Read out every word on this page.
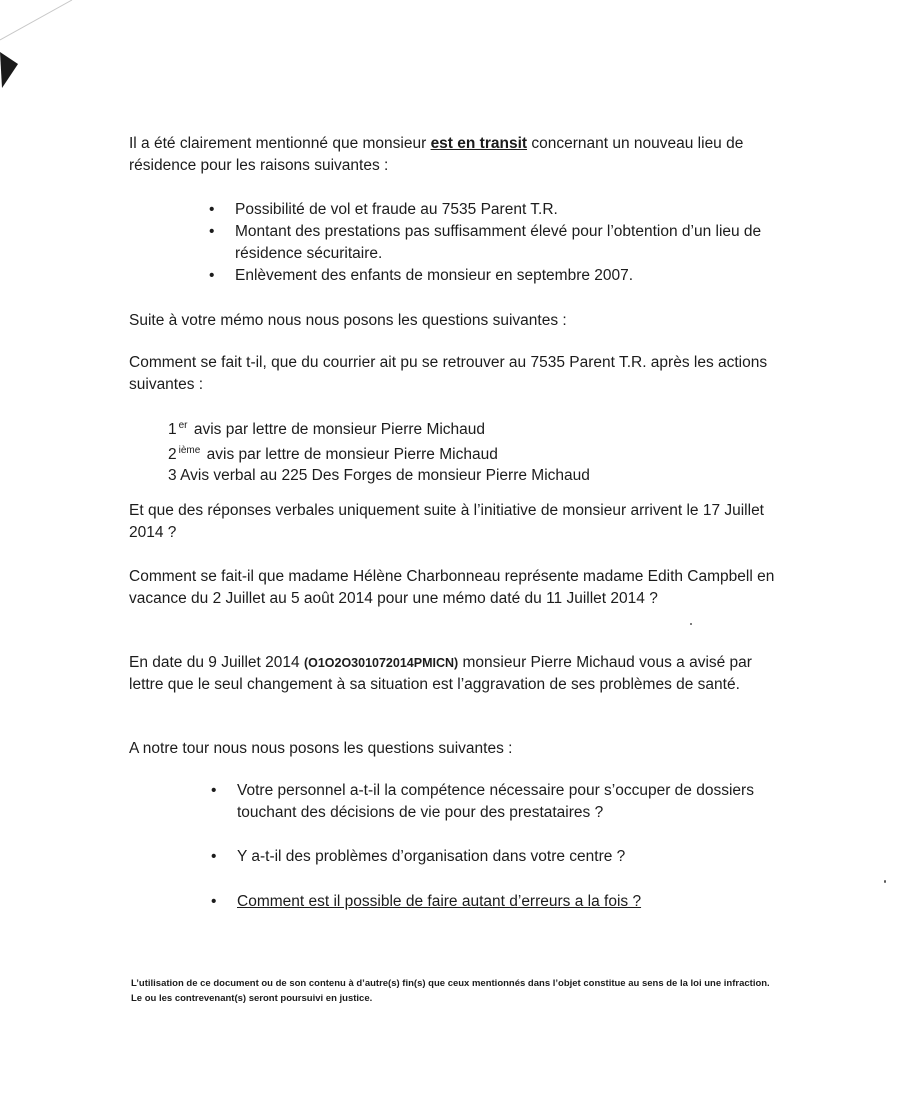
Il a été clairement mentionné que monsieur est en transit concernant un nouveau lieu de résidence pour les raisons suivantes :

• Possibilité de vol et fraude au 7535 Parent T.R.
• Montant des prestations pas suffisamment élevé pour l’obtention d’un lieu de résidence sécuritaire.
• Enlèvement des enfants de monsieur en septembre 2007.

Suite à votre mémo nous nous posons les questions suivantes :

Comment se fait t-il, que du courrier ait pu se retrouver au 7535 Parent T.R. après les actions suivantes :

1 $^{er}$ avis par lettre de monsieur Pierre Michaud
2 $^{ième}$ avis par lettre de monsieur Pierre Michaud
3 Avis verbal au 225 Des Forges de monsieur Pierre Michaud

Et que des réponses verbales uniquement suite à l’initiative de monsieur arrivent le 17 Juillet 2014 ?

Comment se fait-il que madame Hélène Charbonneau représente madame Edith Campbell en vacance du 2 Juillet au 5 août 2014 pour une mémo daté du 11 Juillet 2014 ?

En date du 9 Juillet 2014 (O1O2O301072014PMICN) monsieur Pierre Michaud vous a avisé par lettre que le seul changement à sa situation est l’aggravation de ses problèmes de santé.

A notre tour nous nous posons les questions suivantes :

• Votre personnel a-t-il la compétence nécessaire pour s’occuper de dossiers touchant des décisions de vie pour des prestataires ?
• Y a-t-il des problèmes d’organisation dans votre centre ?
• Comment est il possible de faire autant d’erreurs a la fois ?

L’utilisation de ce document ou de son contenu à d’autre(s) fin(s) que ceux mentionnés dans l’objet constitue au sens de la loi une infraction. Le ou les contrevenant(s) seront poursuivi en justice.
